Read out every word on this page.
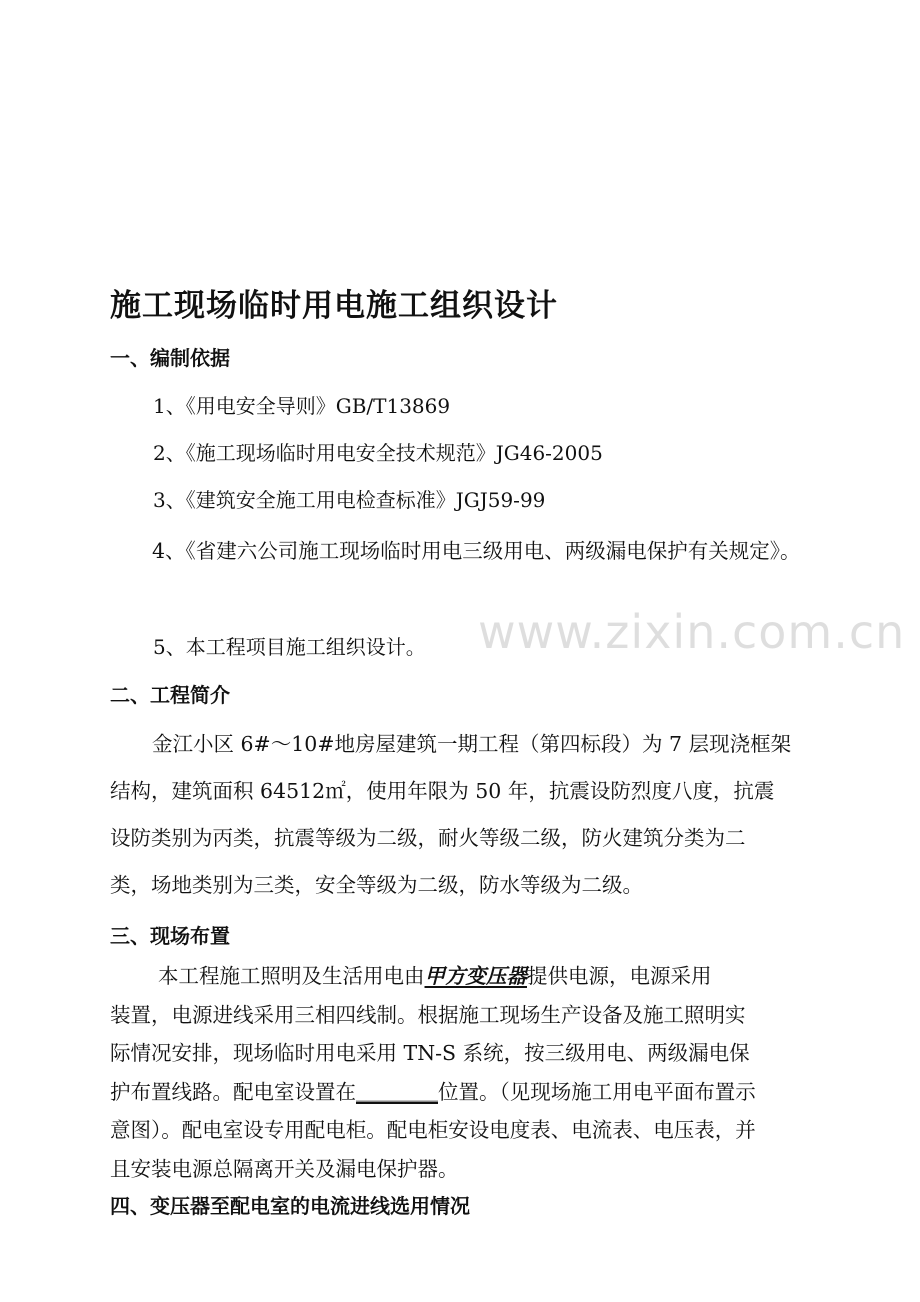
施工现场临时用电施工组织设计
一、编制依据
1、《用电安全导则》GB/T13869
2、《施工现场临时用电安全技术规范》JG46-2005
3、《建筑安全施工用电检查标准》JGJ59-99

4、《省建六公司施工现场临时用电三级用电、两级漏电保护有关规定》。

5、本工程项目施工组织设计。 www.zixin.com.cn
二、工程简介

金江小区 6#～10#地房屋建筑一期工程（第四标段）为 7 层现浇框架
结构，建筑面积 64512㎡，使用年限为 50 年，抗震设防烈度八度，抗震
设防类别为丙类，抗震等级为二级，耐火等级二级，防火建筑分类为二
类，场地类别为三类，安全等级为二级，防水等级为二级。

三、现场布置

本工程施工照明及生活用电由甲方变压器提供电源，电源采用
装置，电源进线采用三相四线制。根据施工现场生产设备及施工照明实
际情况安排，现场临时用电采用 TN-S 系统，按三级用电、两级漏电保
护布置线路。配电室设置在＿＿＿＿位置。（见现场施工用电平面布置示
意图）。配电室设专用配电柜。配电柜安设电度表、电流表、电压表，并
且安装电源总隔离开关及漏电保护器。

四、变压器至配电室的电流进线选用情况
